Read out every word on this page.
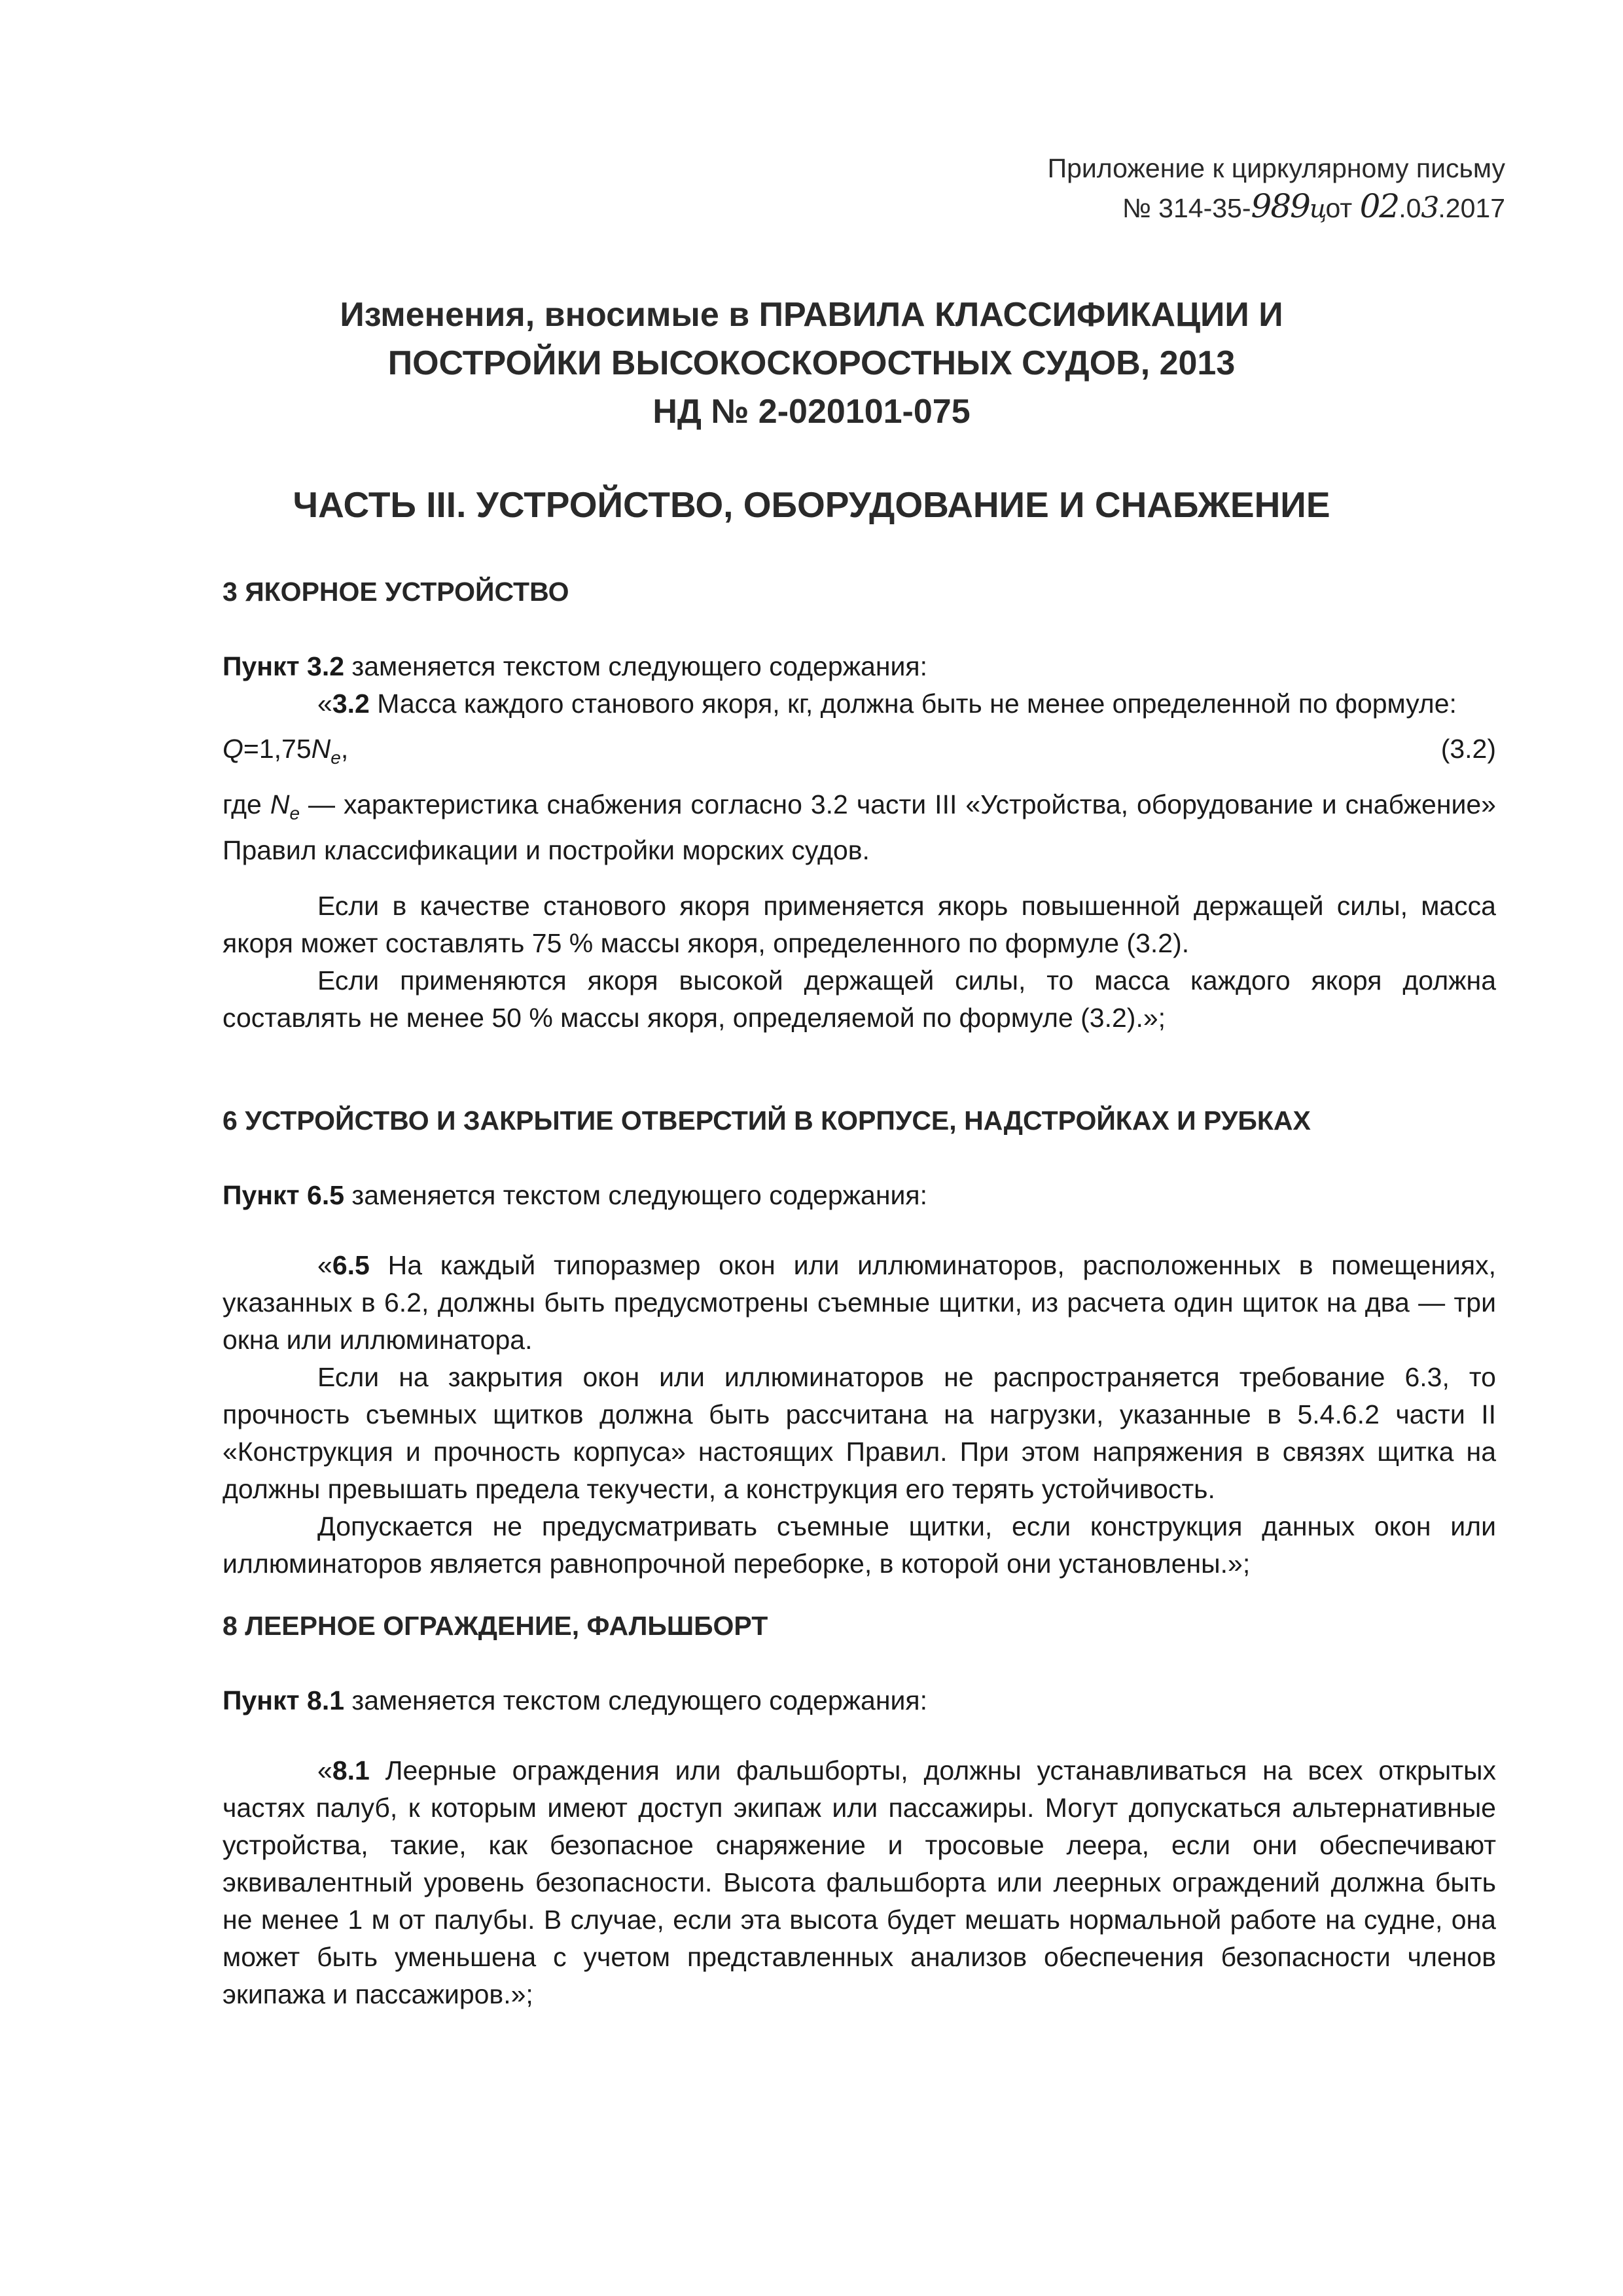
Приложение к циркулярному письму
№ 314-35-989цот 02.03.2017
Изменения, вносимые в ПРАВИЛА КЛАССИФИКАЦИИ И
ПОСТРОЙКИ ВЫСОКОСКОРОСТНЫХ СУДОВ, 2013
НД № 2-020101-075
ЧАСТЬ III. УСТРОЙСТВО, ОБОРУДОВАНИЕ И СНАБЖЕНИЕ
3 ЯКОРНОЕ УСТРОЙСТВО

Пункт 3.2 заменяется текстом следующего содержания:

«3.2 Масса каждого станового якоря, кг, должна быть не менее определенной по формуле:

$Q=1,75N_e$,	(3.2)

где $N_e$ — характеристика снабжения согласно 3.2 части III «Устройства, оборудование и снабжение» Правил классификации и постройки морских судов.

Если в качестве станового якоря применяется якорь повышенной держащей силы, масса якоря может составлять 75 % массы якоря, определенного по формуле (3.2).

Если применяются якоря высокой держащей силы, то масса каждого якоря должна составлять не менее 50 % массы якоря, определяемой по формуле (3.2).»;

6 УСТРОЙСТВО И ЗАКРЫТИЕ ОТВЕРСТИЙ В КОРПУСЕ, НАДСТРОЙКАХ И РУБКАХ

Пункт 6.5 заменяется текстом следующего содержания:

«6.5 На каждый типоразмер окон или иллюминаторов, расположенных в помещениях, указанных в 6.2, должны быть предусмотрены съемные щитки, из расчета один щиток на два — три окна или иллюминатора.

Если на закрытия окон или иллюминаторов не распространяется требование 6.3, то прочность съемных щитков должна быть рассчитана на нагрузки, указанные в 5.4.6.2 части II «Конструкция и прочность корпуса» настоящих Правил. При этом напряжения в связях щитка на должны превышать предела текучести, а конструкция его терять устойчивость.

Допускается не предусматривать съемные щитки, если конструкция данных окон или иллюминаторов является равнопрочной переборке, в которой они установлены.»;

8 ЛЕЕРНОЕ ОГРАЖДЕНИЕ, ФАЛЬШБОРТ

Пункт 8.1 заменяется текстом следующего содержания:

«8.1 Леерные ограждения или фальшборты, должны устанавливаться на всех открытых частях палуб, к которым имеют доступ экипаж или пассажиры. Могут допускаться альтернативные устройства, такие, как безопасное снаряжение и тросовые леера, если они обеспечивают эквивалентный уровень безопасности. Высота фальшборта или леерных ограждений должна быть не менее 1 м от палубы. В случае, если эта высота будет мешать нормальной работе на судне, она может быть уменьшена с учетом представленных анализов обеспечения безопасности членов экипажа и пассажиров.»;
